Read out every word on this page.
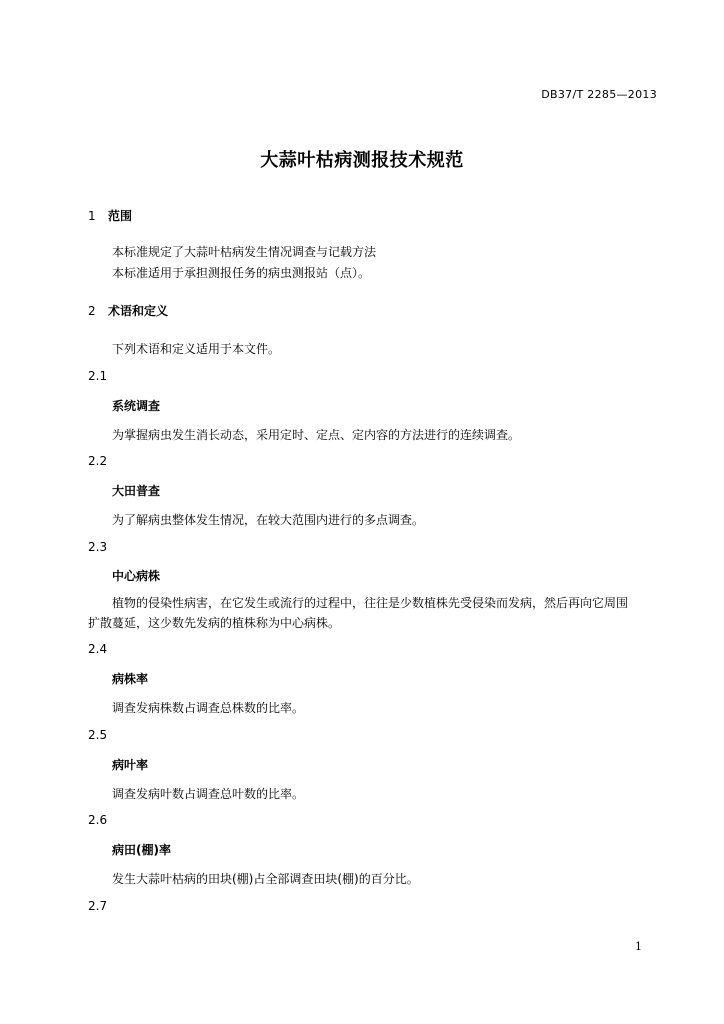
DB37/T 2285—2013
大蒜叶枯病测报技术规范
1 范围
本标准规定了大蒜叶枯病发生情况调查与记载方法
本标准适用于承担测报任务的病虫测报站（点）。
2 术语和定义
下列术语和定义适用于本文件。
2.1
系统调查
为掌握病虫发生消长动态，采用定时、定点、定内容的方法进行的连续调查。
2.2
大田普查
为了解病虫整体发生情况，在较大范围内进行的多点调查。
2.3
中心病株
植物的侵染性病害，在它发生或流行的过程中，往往是少数植株先受侵染而发病，然后再向它周围
扩散蔓延，这少数先发病的植株称为中心病株。
2.4
病株率
调查发病株数占调查总株数的比率。
2.5
病叶率
调查发病叶数占调查总叶数的比率。
2.6
病田(棚)率
发生大蒜叶枯病的田块(棚)占全部调查田块(棚)的百分比。
2.7
1
